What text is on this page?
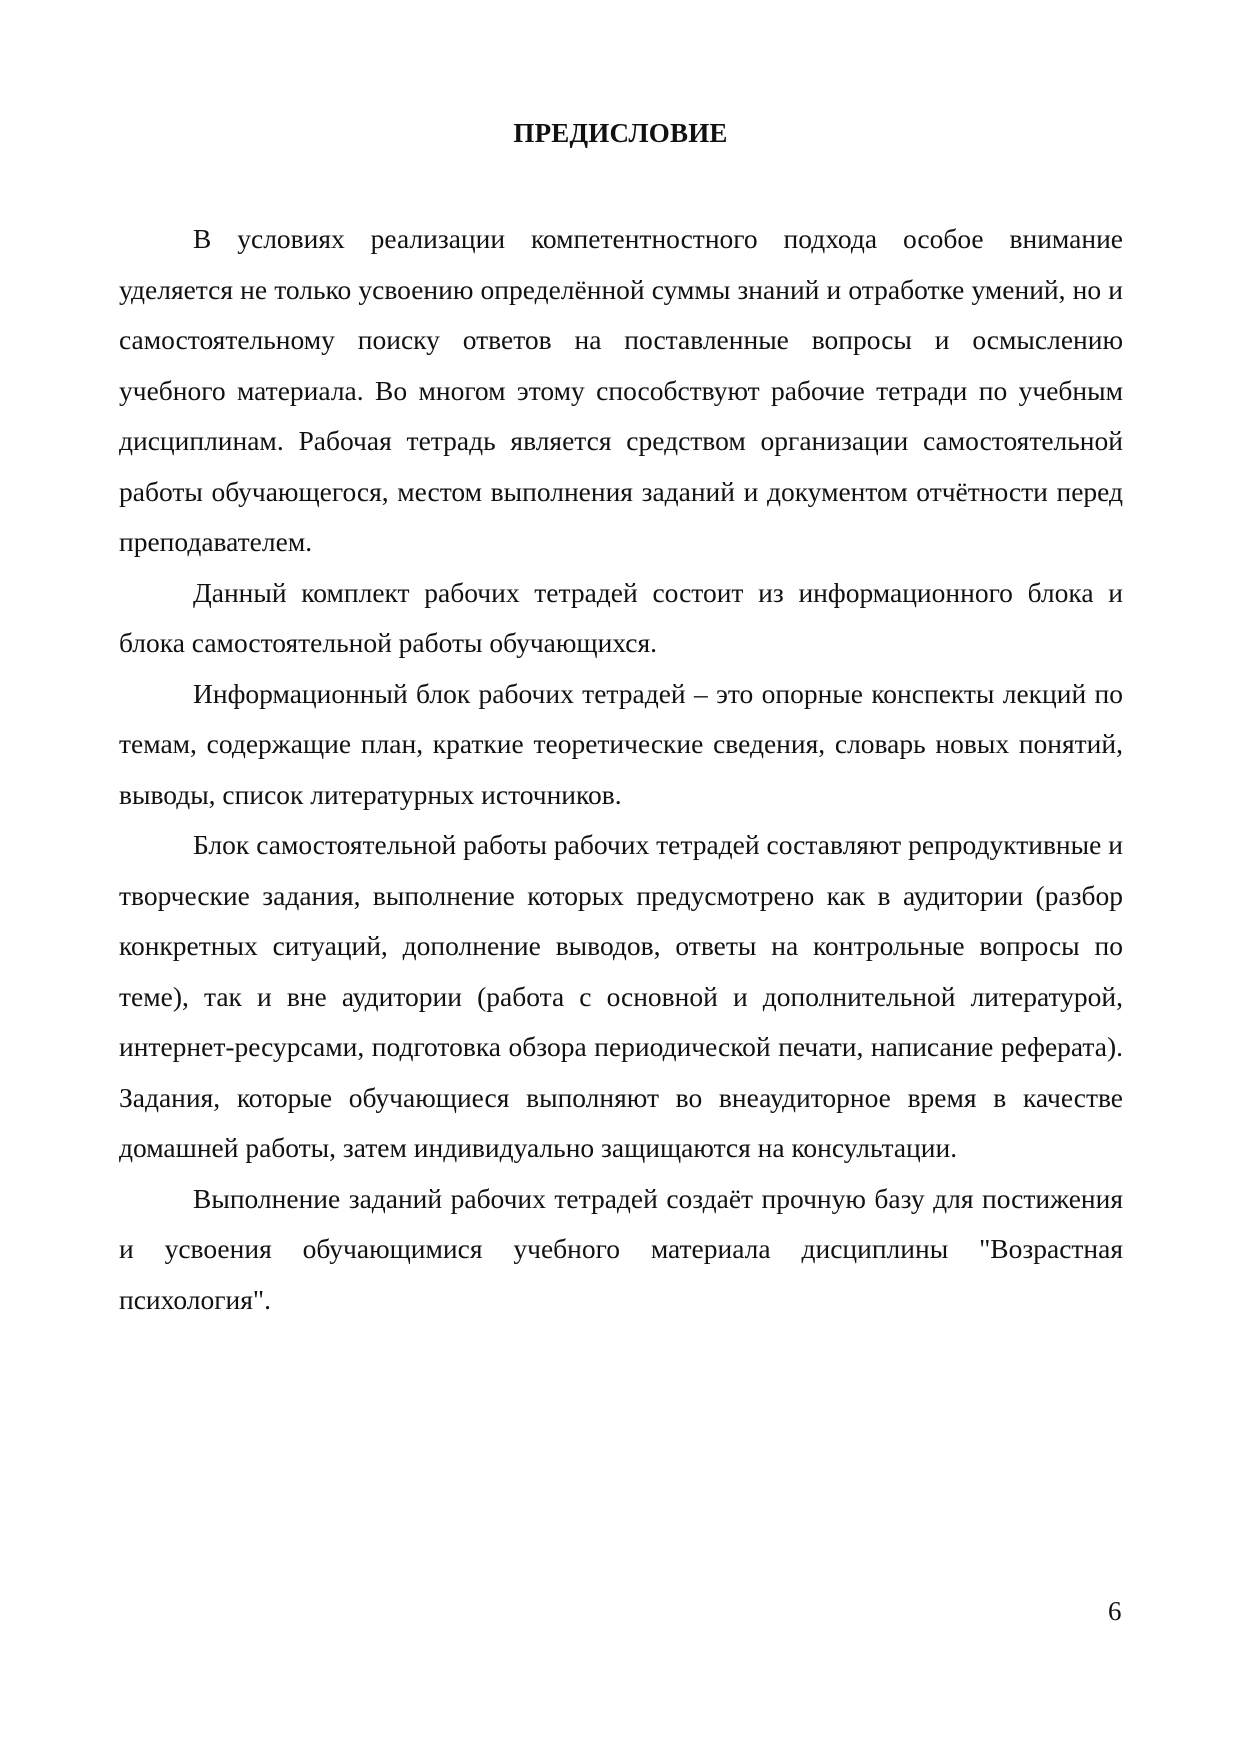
ПРЕДИСЛОВИЕ

В условиях реализации компетентностного подхода особое внимание уделяется не только усвоению определённой суммы знаний и отработке умений, но и самостоятельному поиску ответов на поставленные вопросы и осмыслению учебного материала. Во многом этому способствуют рабочие тетради по учебным дисциплинам. Рабочая тетрадь является средством организации самостоятельной работы обучающегося, местом выполнения заданий и документом отчётности перед преподавателем.

Данный комплект рабочих тетрадей состоит из информационного блока и блока самостоятельной работы обучающихся.

Информационный блок рабочих тетрадей – это опорные конспекты лекций по темам, содержащие план, краткие теоретические сведения, словарь новых понятий, выводы, список литературных источников.

Блок самостоятельной работы рабочих тетрадей составляют репродуктивные и творческие задания, выполнение которых предусмотрено как в аудитории (разбор конкретных ситуаций, дополнение выводов, ответы на контрольные вопросы по теме), так и вне аудитории (работа с основной и дополнительной литературой, интернет-ресурсами, подготовка обзора периодической печати, написание реферата). Задания, которые обучающиеся выполняют во внеаудиторное время в качестве домашней работы, затем индивидуально защищаются на консультации.

Выполнение заданий рабочих тетрадей создаёт прочную базу для постижения и усвоения обучающимися учебного материала дисциплины "Возрастная психология".

6
